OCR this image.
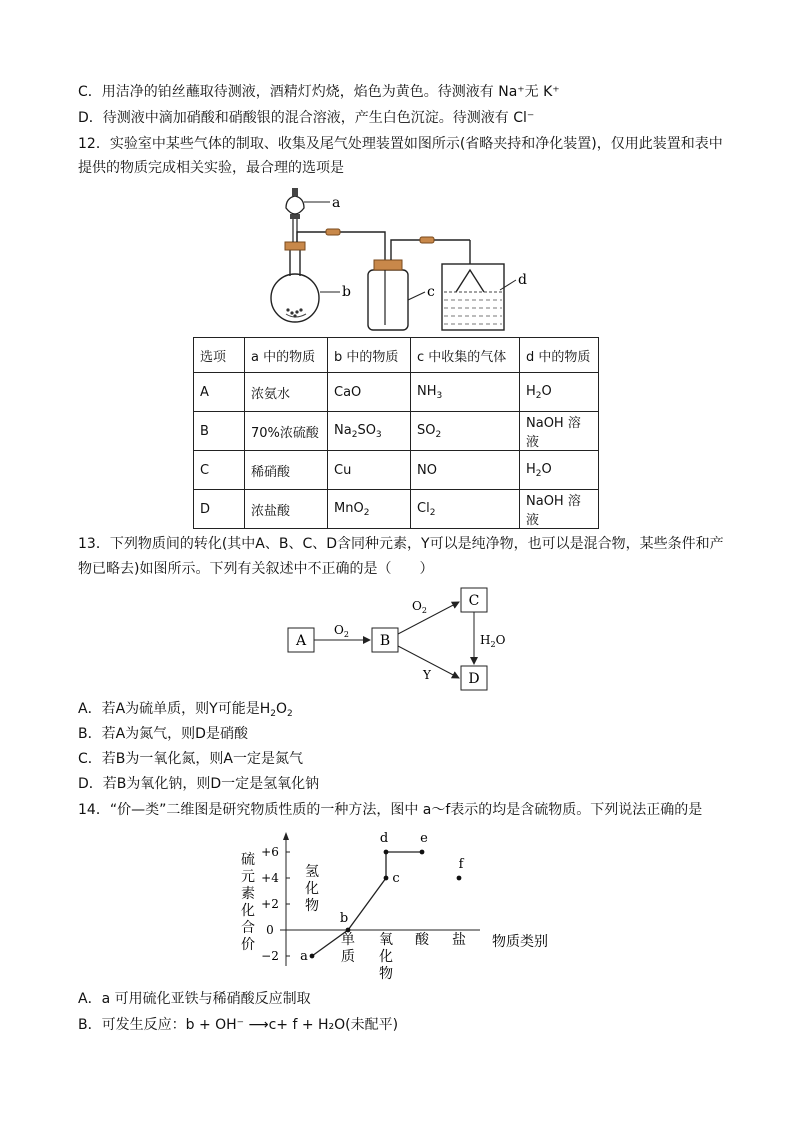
C．用洁净的铂丝蘸取待测液，酒精灯灼烧，焰色为黄色。待测液有 Na⁺无 K⁺
D．待测液中滴加硝酸和硝酸银的混合溶液，产生白色沉淀。待测液有 Cl⁻
12．实验室中某些气体的制取、收集及尾气处理装置如图所示(省略夹持和净化装置)，仅用此装置和表中
提供的物质完成相关实验，最合理的选项是
a
b	c
d
选项	a 中的物质	b 中的物质	c 中收集的气体	d 中的物质
A	浓氨水	CaO	$NH_3$	$H_2O$
B	70%浓硫酸	$Na_2SO_3$	$SO_2$	NaOH 溶液
C	稀硝酸	Cu	NO	$H_2O$
D	浓盐酸	MnO$_2$	$Cl_2$	NaOH 溶液
13．下列物质间的转化(其中A、B、C、D含同种元素，Y可以是纯净物，也可以是混合物，某些条件和产
物已略去)如图所示。下列有关叙述中不正确的是（　　）
A	B
C
D
$O_2$
$O_2$
$H_2O$
Y
A．若A为硫单质，则Y可能是$H_2O_2$
B．若A为氮气，则D是硝酸
C．若B为一氧化氮，则A一定是氮气
D．若B为氧化钠，则D一定是氢氧化钠
14．“价—类”二维图是研究物质性质的一种方法，图中 a～f表示的均是含硫物质。下列说法正确的是
+6
+4
+2
0
−2
硫
元
素
化
合
价
氢
化
物
单
质
氧
化
物
酸 盐 物质类别
a
b
c
d e
f
A．a 可用硫化亚铁与稀硝酸反应制取
B．可发生反应：b + OH⁻ ⟶c+ f + H₂O(未配平)
